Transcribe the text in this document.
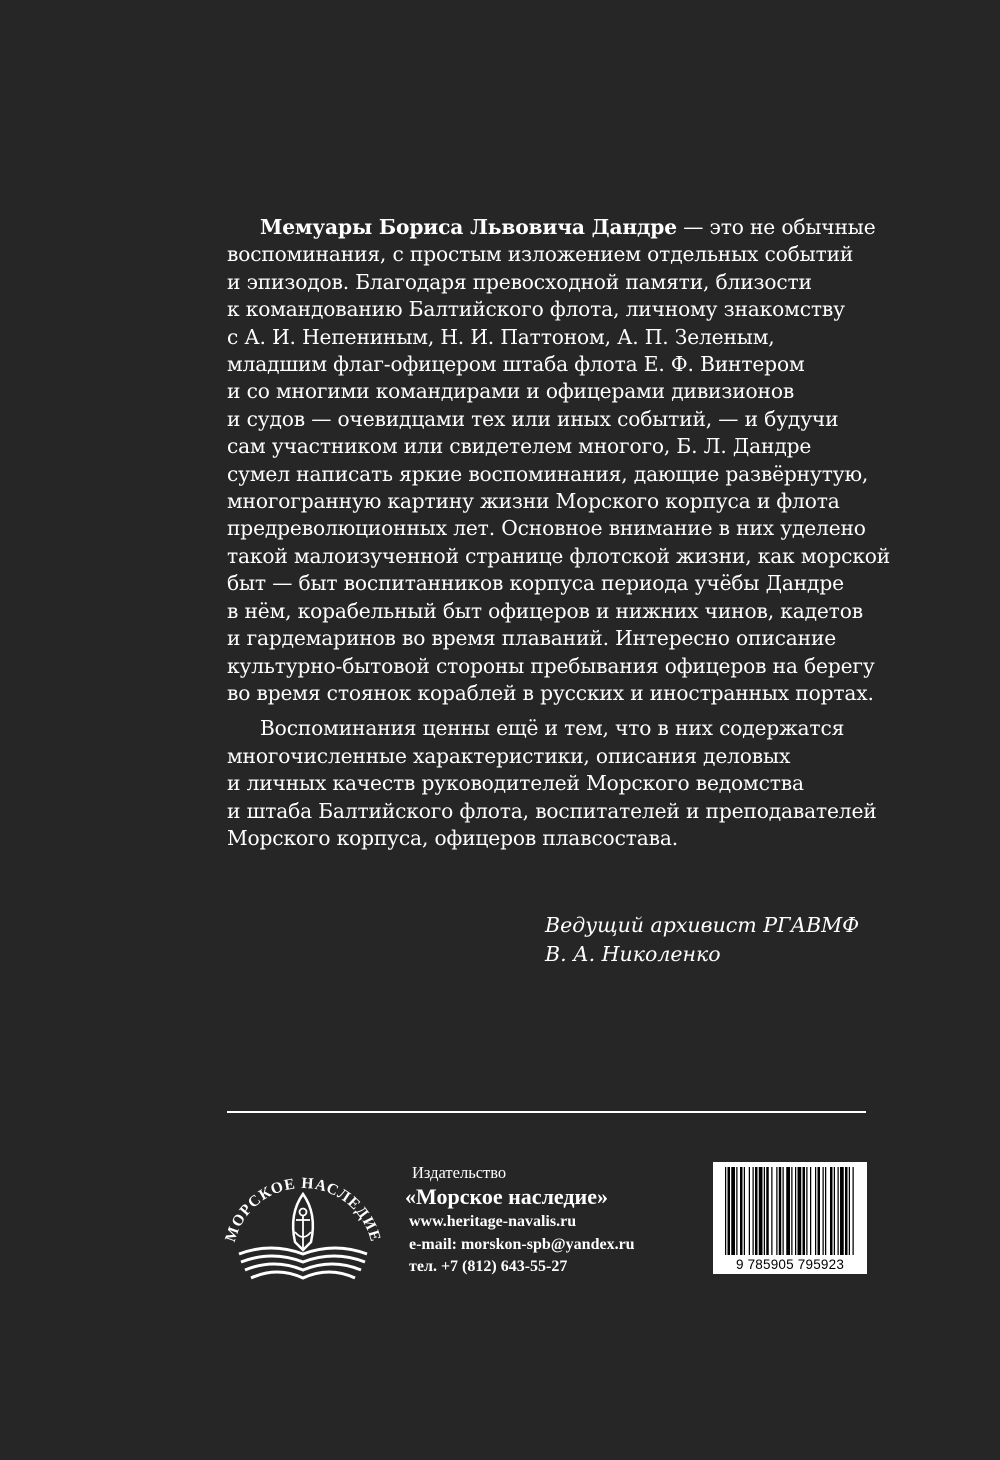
Мемуары Бориса Львовича Дандре — это не обычные
воспоминания, с простым изложением отдельных событий
и эпизодов. Благодаря превосходной памяти, близости
к командованию Балтийского флота, личному знакомству
с А. И. Непениным, Н. И. Паттоном, А. П. Зеленым,
младшим флаг-офицером штаба флота Е. Ф. Винтером
и со многими командирами и офицерами дивизионов
и судов — очевидцами тех или иных событий, — и будучи
сам участником или свидетелем многого, Б. Л. Дандре
сумел написать яркие воспоминания, дающие развёрнутую,
многогранную картину жизни Морского корпуса и флота
предреволюционных лет. Основное внимание в них уделено
такой малоизученной странице флотской жизни, как морской
быт — быт воспитанников корпуса периода учёбы Дандре
в нём, корабельный быт офицеров и нижних чинов, кадетов
и гардемаринов во время плаваний. Интересно описание
культурно-бытовой стороны пребывания офицеров на берегу
во время стоянок кораблей в русских и иностранных портах.

Воспоминания ценны ещё и тем, что в них содержатся
многочисленные характеристики, описания деловых
и личных качеств руководителей Морского ведомства
и штаба Балтийского флота, воспитателей и преподавателей
Морского корпуса, офицеров плавсостава.

Ведущий архивист РГАВМФ
В. А. Николенко
МОРСКОЕ НАСЛЕДИЕ
Издательство
«Морское наследие»
www.heritage-navalis.ru
e-mail: morskon-spb@yandex.ru
тел. +7 (812) 643-55-27	9 785905 795923
